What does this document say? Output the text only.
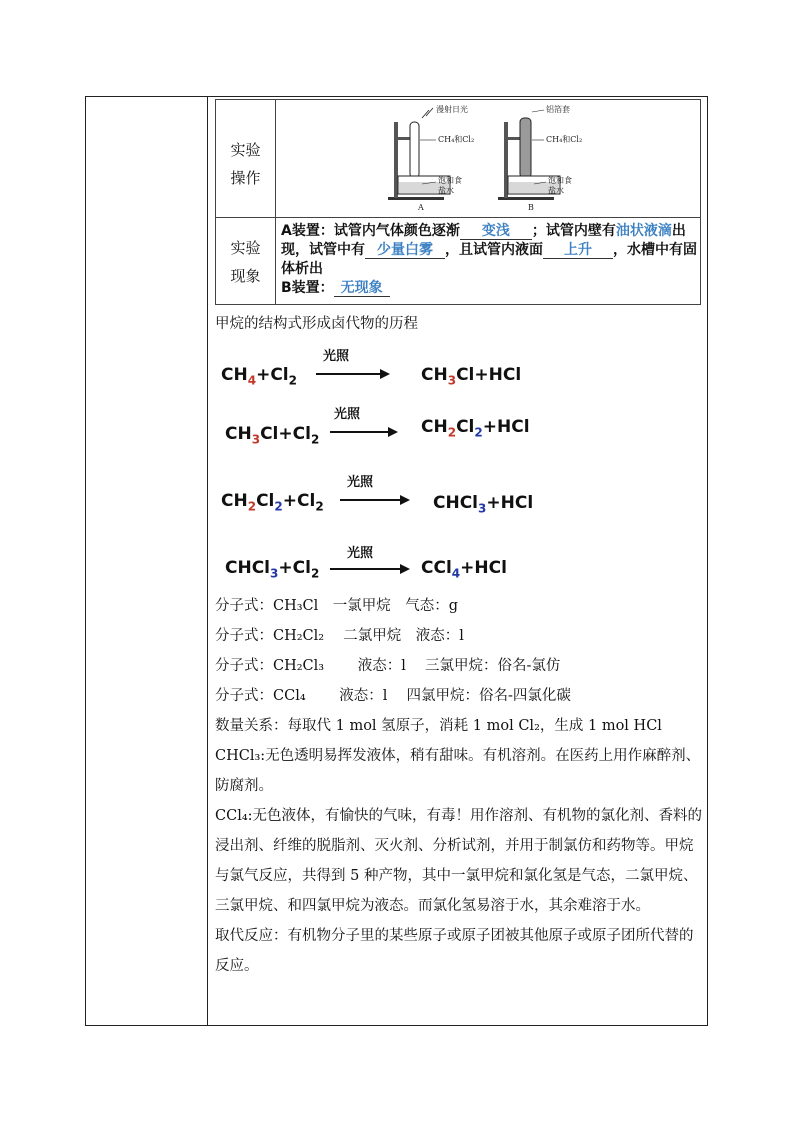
实验
操作
漫射日光
CH₄和Cl₂
饱和食
盐水
A
铝箔套
CH₄和Cl₂
饱和食
盐水
B
实验
现象
A装置：试管内气体颜色逐渐 变浅 ；试管内壁有油状液滴出现，试管中有 少量白雾 ，且试管内液面 上升 ，水槽中有固体析出
B装置： 无现象

甲烷的结构式形成卤代物的历程

$CH_4+Cl_2$
光照
$CH_3Cl+HCl$
$CH_3Cl+Cl_2$
光照
$CH_2Cl_2+HCl$
$CH_2Cl_2+Cl_2$
光照
CHCl$_3$+HCl
$CHCl_3+Cl_2$
光照
CCl$_4$+HCl

分子式：CH₃Cl　一氯甲烷　气态：g

分子式：CH₂Cl₂　 二氯甲烷　液态：l

分子式：CH₂Cl₃　　 液态：l　 三氯甲烷：俗名-氯仿

分子式：CCl₄　　 液态：l　 四氯甲烷：俗名-四氯化碳

数量关系：每取代 1 mol 氢原子，消耗 1 mol Cl₂，生成 1 mol HCl

CHCl₃:无色透明易挥发液体，稍有甜味。有机溶剂。在医药上用作麻醉剂、防腐剂。

CCl₄:无色液体，有愉快的气味，有毒！用作溶剂、有机物的氯化剂、香料的浸出剂、纤维的脱脂剂、灭火剂、分析试剂，并用于制氯仿和药物等。甲烷与氯气反应，共得到 5 种产物，其中一氯甲烷和氯化氢是气态，二氯甲烷、三氯甲烷、和四氯甲烷为液态。而氯化氢易溶于水，其余难溶于水。

取代反应：有机物分子里的某些原子或原子团被其他原子或原子团所代替的反应。
